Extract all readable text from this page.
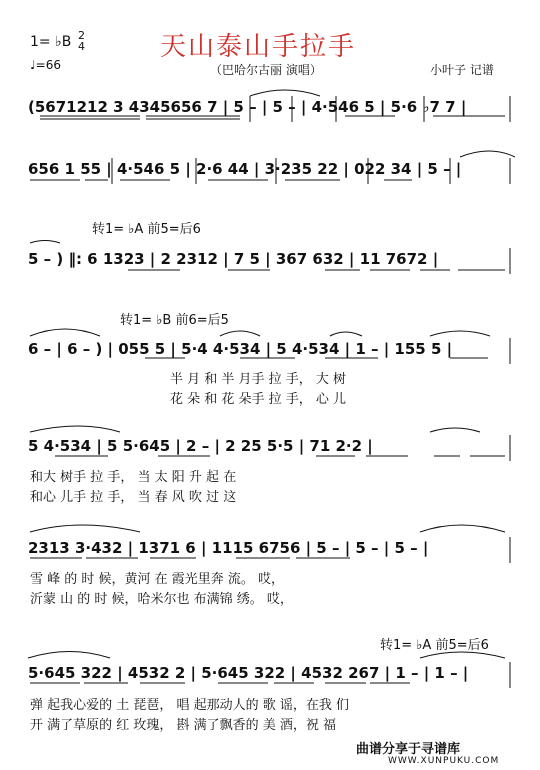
1= ♭B 2
4
♩=66
天山泰山手拉手
（巴哈尔古丽 演唱）	小叶子 记谱
(5671212 3 4345656 7 | 5 – | 5 – | 4·546 5 | 5·6 ♭7 7 |
656 1 55 | 4·546 5 | 2·6 44 | 3·235 22 | 022 34 | 5 – |
转1= ♭A 前5=后6
5 – ) ‖: 6 1323 | 2 2312 | 7 5 | 367 632 | 11 7672 |
转1= ♭B 前6=后5
6 – | 6 – ) | 055 5 | 5·4 4·534 | 5 4·534 | 1 – | 155 5 |
半 月 和 半 月手 拉 手， 大 树
花 朵 和 花 朵手 拉 手， 心 儿
5 4·534 | 5 5·645 | 2 – | 2 25 5·5 | 71 2·2 |
和大 树手 拉 手， 当 太 阳 升 起 在
和心 儿手 拉 手， 当 春 风 吹 过 这
2313 3·432 | 1371 6 | 1115 6756 | 5 – | 5 – | 5 – |
雪 峰 的 时 候，黄河 在 霞光里奔 流。 哎，
沂蒙 山 的 时 候，哈米尔也 布满锦 绣。 哎，
转1= ♭A 前5=后6
5·645 322 | 4532 2 | 5·645 322 | 4532 267 | 1 – | 1 – |
弹 起我心爱的 土 琵琶， 唱 起那动人的 歌 谣，在我 们
开 满了草原的 红 玫瑰， 斟 满了飘香的 美 酒，祝 福
曲谱分享于寻谱库
WWW.XUNPUKU.COM
